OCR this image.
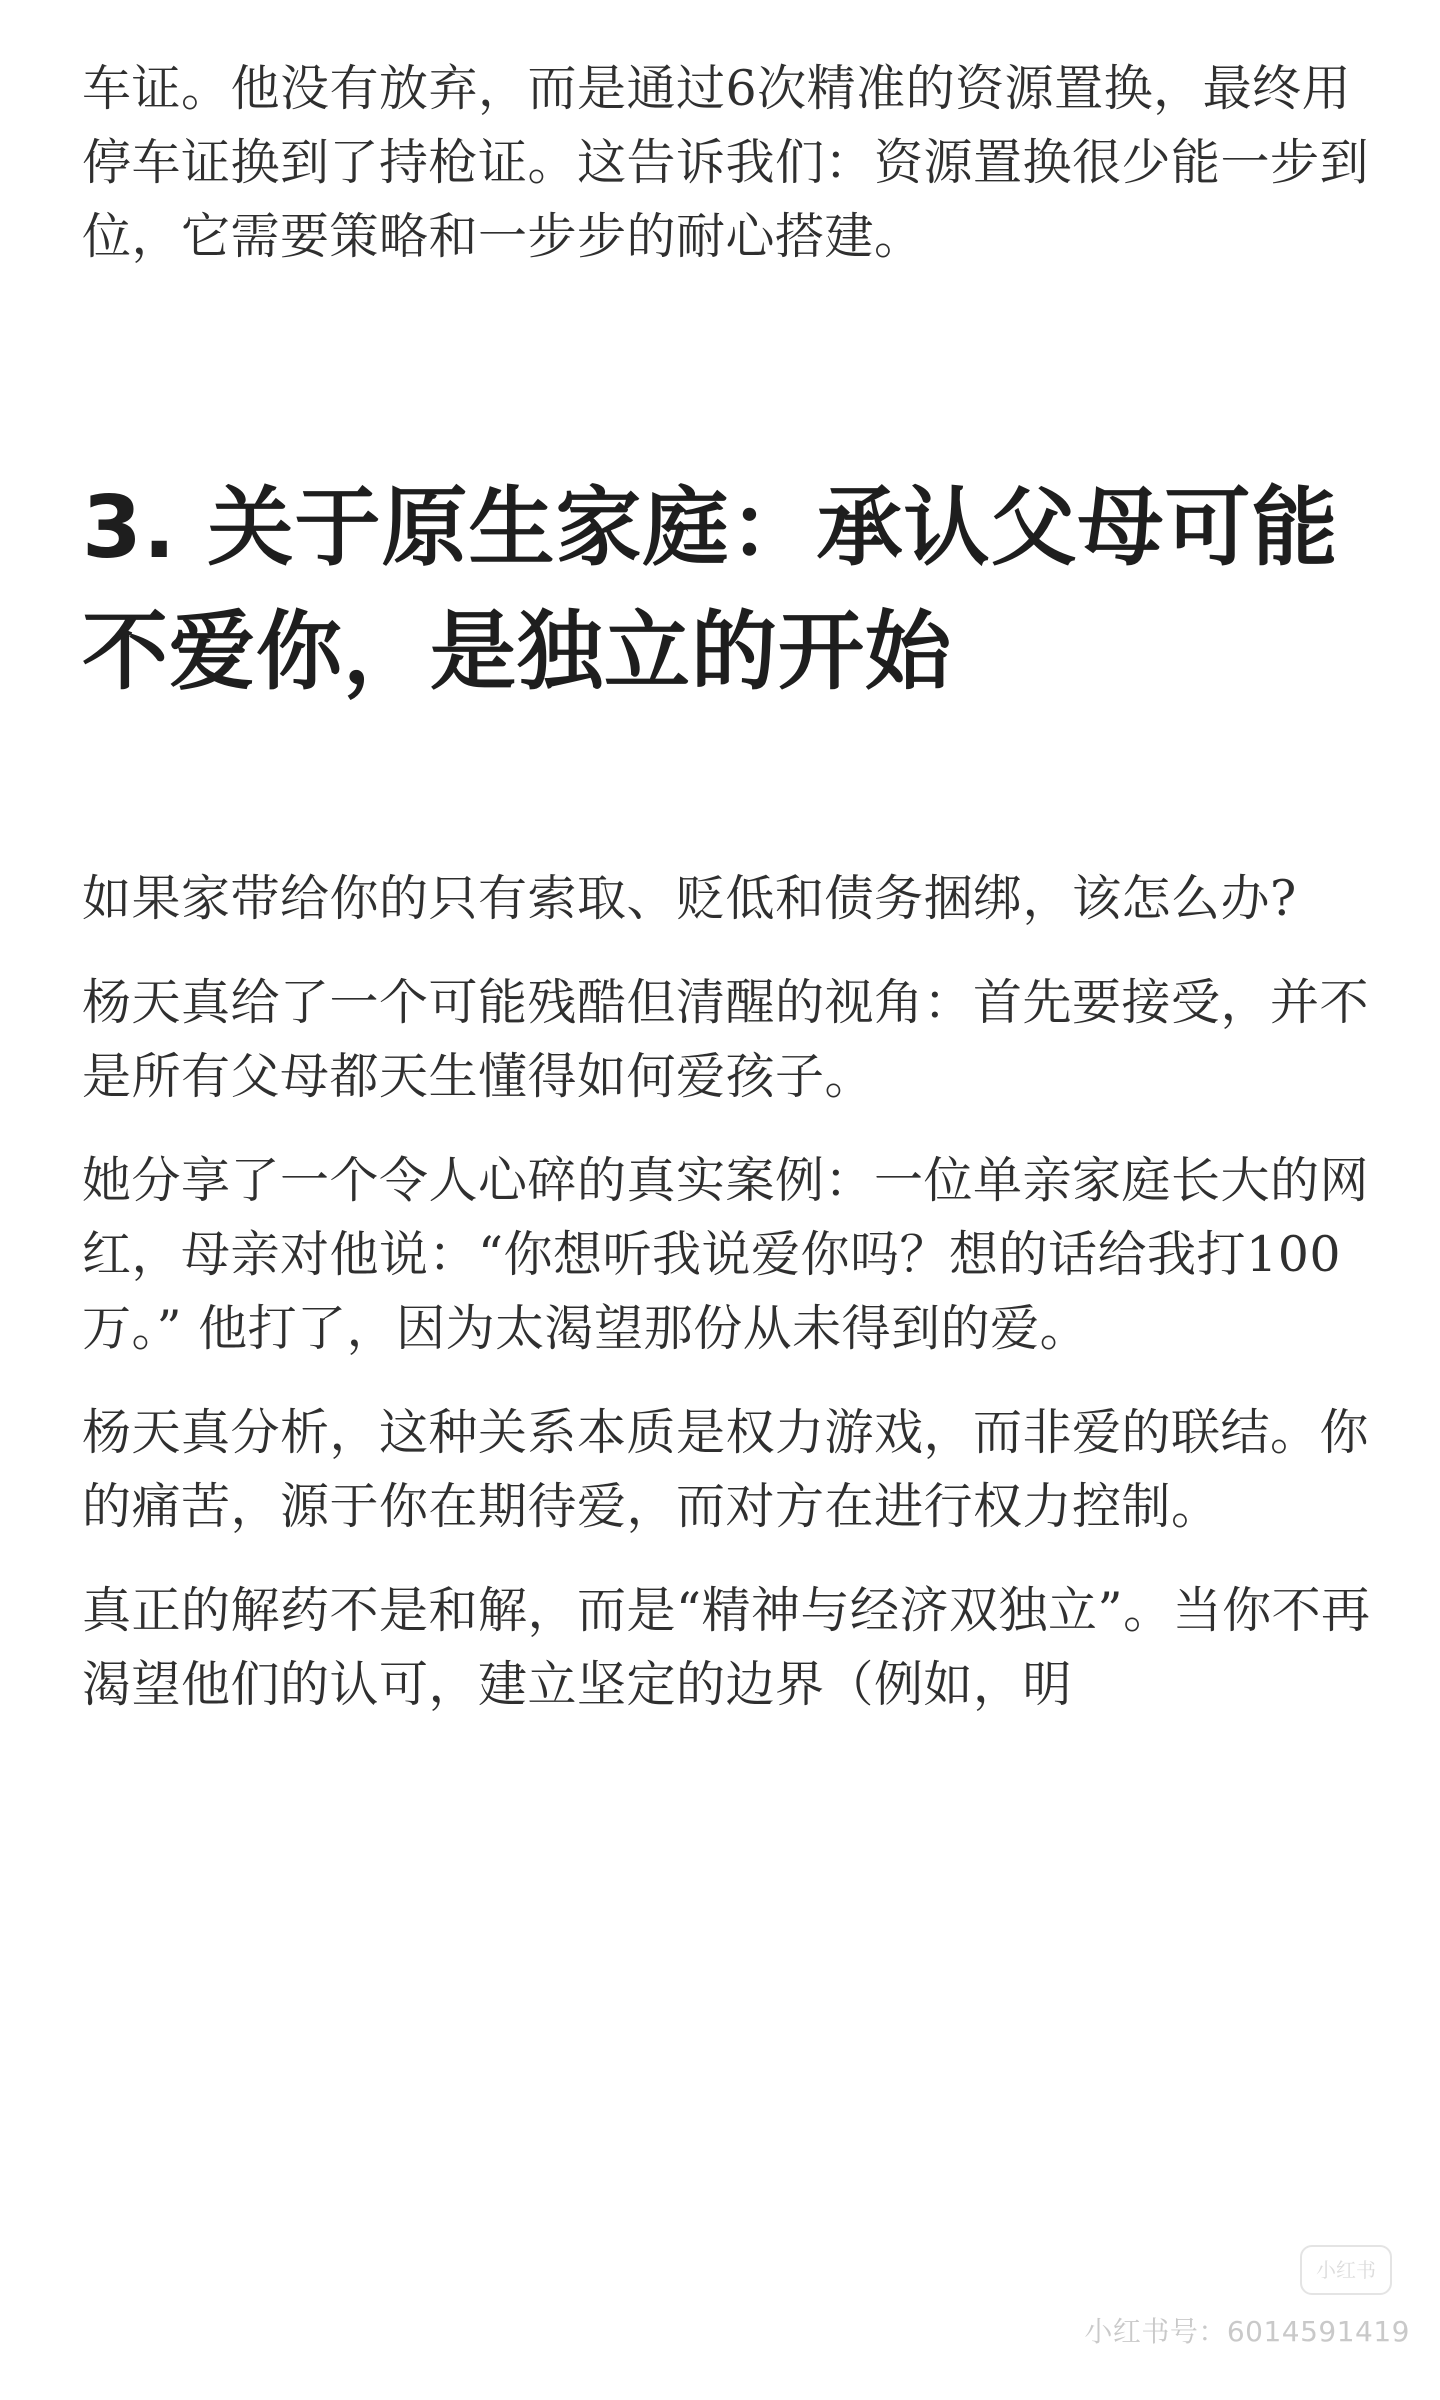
车证。他没有放弃，而是通过6次精准的资源置换，最终用停车证换到了持枪证。这告诉我们：资源置换很少能一步到位，它需要策略和一步步的耐心搭建。

3. 关于原生家庭：承认父母可能不爱你，是独立的开始

如果家带给你的只有索取、贬低和债务捆绑，该怎么办?

杨天真给了一个可能残酷但清醒的视角：首先要接受，并不是所有父母都天生懂得如何爱孩子。

她分享了一个令人心碎的真实案例：一位单亲家庭长大的网红，母亲对他说：“你想听我说爱你吗？想的话给我打100万。” 他打了，因为太渴望那份从未得到的爱。

杨天真分析，这种关系本质是权力游戏，而非爱的联结。你的痛苦，源于你在期待爱，而对方在进行权力控制。

真正的解药不是和解，而是“精神与经济双独立”。当你不再渴望他们的认可，建立坚定的边界（例如，明

小红书
小红书号：6014591419
